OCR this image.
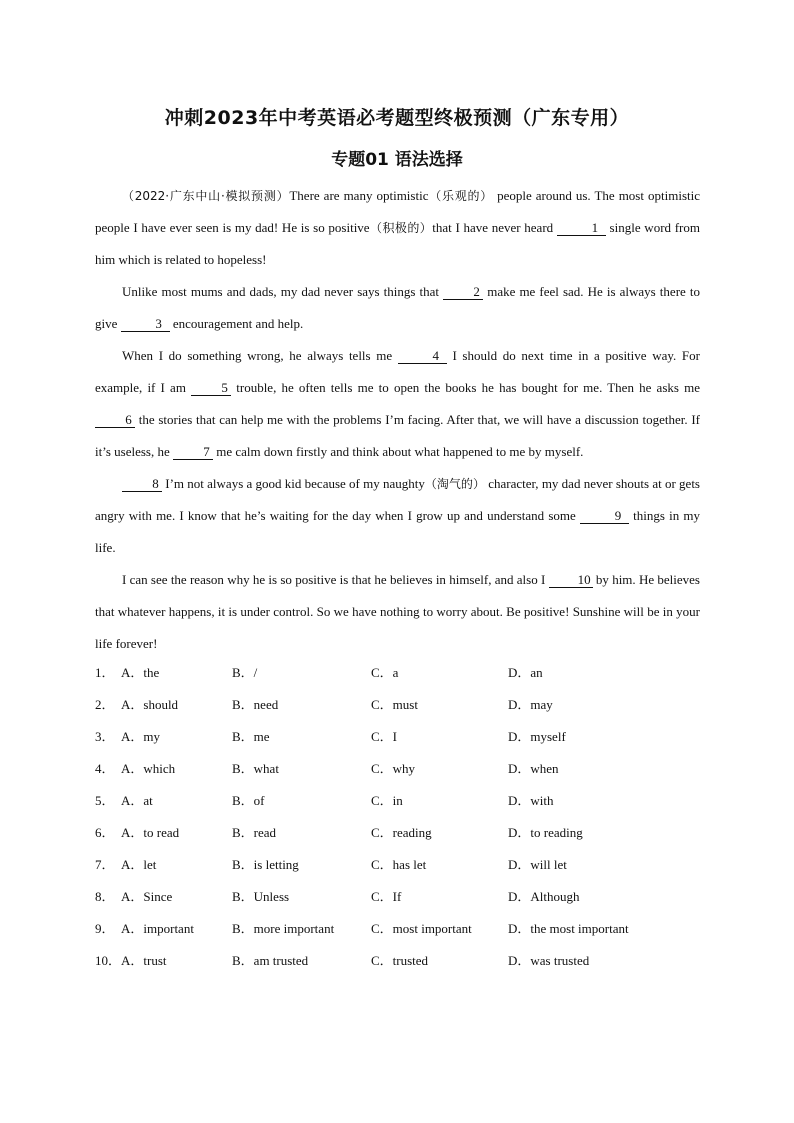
冲刺2023年中考英语必考题型终极预测（广东专用）
专题01 语法选择

（2022·广东中山·模拟预测）There are many optimistic（乐观的） people around us. The most optimistic people I have ever seen is my dad! He is so positive（积极的）that I have never heard	1 single word from him which is related to hopeless!

Unlike most mums and dads, my dad never says things that 2 make me feel sad. He is always there to give	3 encouragement and help.

When I do something wrong, he always tells me	4 I should do next time in a positive way. For example, if I am 5 trouble, he often tells me to open the books he has bought for me. Then he asks me 6 the stories that can help me with the problems I’m facing. After that, we will have a discussion together. If it’s useless, he 7 me calm down firstly and think about what happened to me by myself.

8 I’m not always a good kid because of my naughty（淘气的） character, my dad never shouts at or gets angry with me. I know that he’s waiting for the day when I grow up and understand some	9 things in my life.

I can see the reason why he is so positive is that he believes in himself, and also I 10 by him. He believes that whatever happens, it is under control. So we have nothing to worry about. Be positive! Sunshine will be in your life forever!

1． A．the	B．/	C．a	D．an
2． A．should	B．need	C．must	D．may
3． A．my	B．me	C．I	D．myself
4． A．which	B．what	C．why	D．when
5． A．at	B．of	C．in	D．with
6． A．to read	B．read	C．reading	D．to reading
7． A．let	B．is letting	C．has let	D．will let
8． A．Since	B．Unless	C．If	D．Although
9． A．important	B．more important	C．most important	D．the most important
10． A．trust	B．am trusted	C．trusted	D．was trusted
